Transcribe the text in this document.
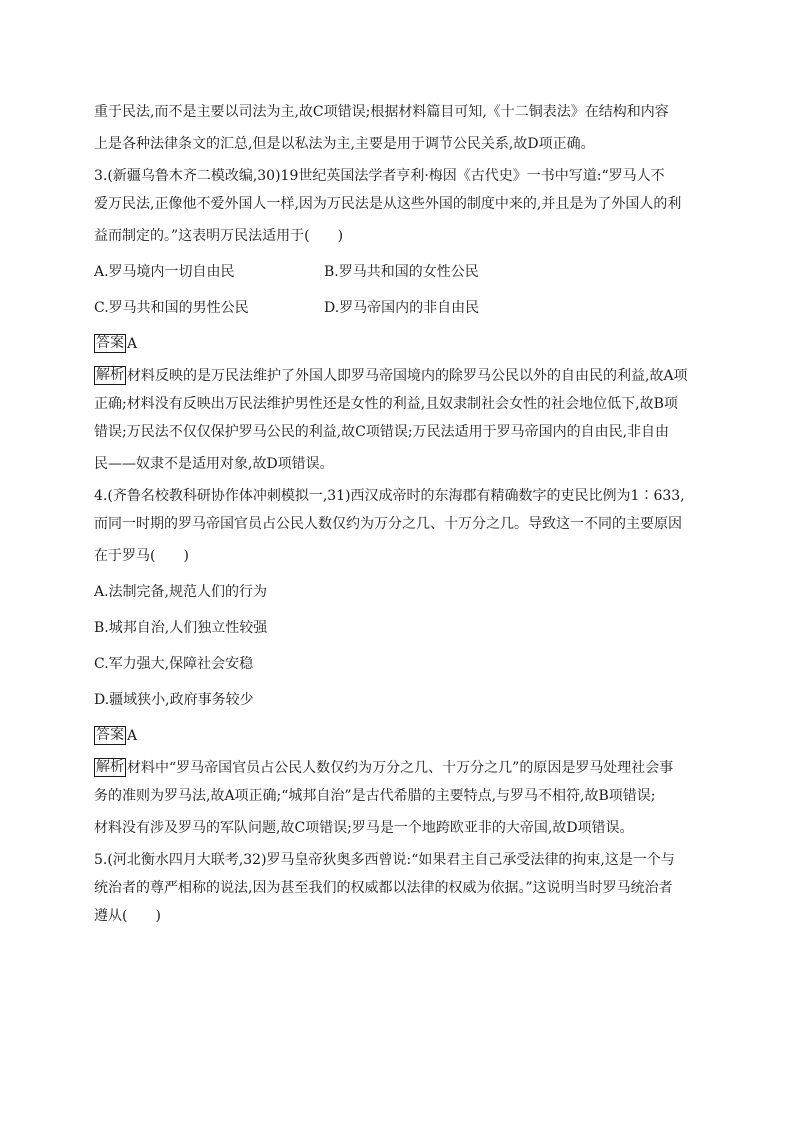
重于民法,而不是主要以司法为主,故C项错误;根据材料篇目可知,《十二铜表法》在结构和内容

上是各种法律条文的汇总,但是以私法为主,主要是用于调节公民关系,故D项正确。

3.(新疆乌鲁木齐二模改编,30)19世纪英国法学者亨利·梅因《古代史》一书中写道:“罗马人不

爱万民法,正像他不爱外国人一样,因为万民法是从这些外国的制度中来的,并且是为了外国人的利

益而制定的。”这表明万民法适用于(　　)

A.罗马境内一切自由民	B.罗马共和国的女性公民
C.罗马共和国的男性公民	D.罗马帝国内的非自由民

答案 A

解析 材料反映的是万民法维护了外国人即罗马帝国境内的除罗马公民以外的自由民的利益,故A项

正确;材料没有反映出万民法维护男性还是女性的利益,且奴隶制社会女性的社会地位低下,故B项

错误;万民法不仅仅保护罗马公民的利益,故C项错误;万民法适用于罗马帝国内的自由民,非自由

民——奴隶不是适用对象,故D项错误。

4.(齐鲁名校教科研协作体冲刺模拟一,31)西汉成帝时的东海郡有精确数字的吏民比例为1∶633,

而同一时期的罗马帝国官员占公民人数仅约为万分之几、十万分之几。导致这一不同的主要原因

在于罗马(　　)

A.法制完备,规范人们的行为

B.城邦自治,人们独立性较强

C.军力强大,保障社会安稳

D.疆域狭小,政府事务较少

答案 A

解析 材料中“罗马帝国官员占公民人数仅约为万分之几、十万分之几”的原因是罗马处理社会事

务的准则为罗马法,故A项正确;“城邦自治”是古代希腊的主要特点,与罗马不相符,故B项错误;

材料没有涉及罗马的军队问题,故C项错误;罗马是一个地跨欧亚非的大帝国,故D项错误。

5.(河北衡水四月大联考,32)罗马皇帝狄奥多西曾说:“如果君主自己承受法律的拘束,这是一个与

统治者的尊严相称的说法,因为甚至我们的权威都以法律的权威为依据。”这说明当时罗马统治者

遵从(　　)
